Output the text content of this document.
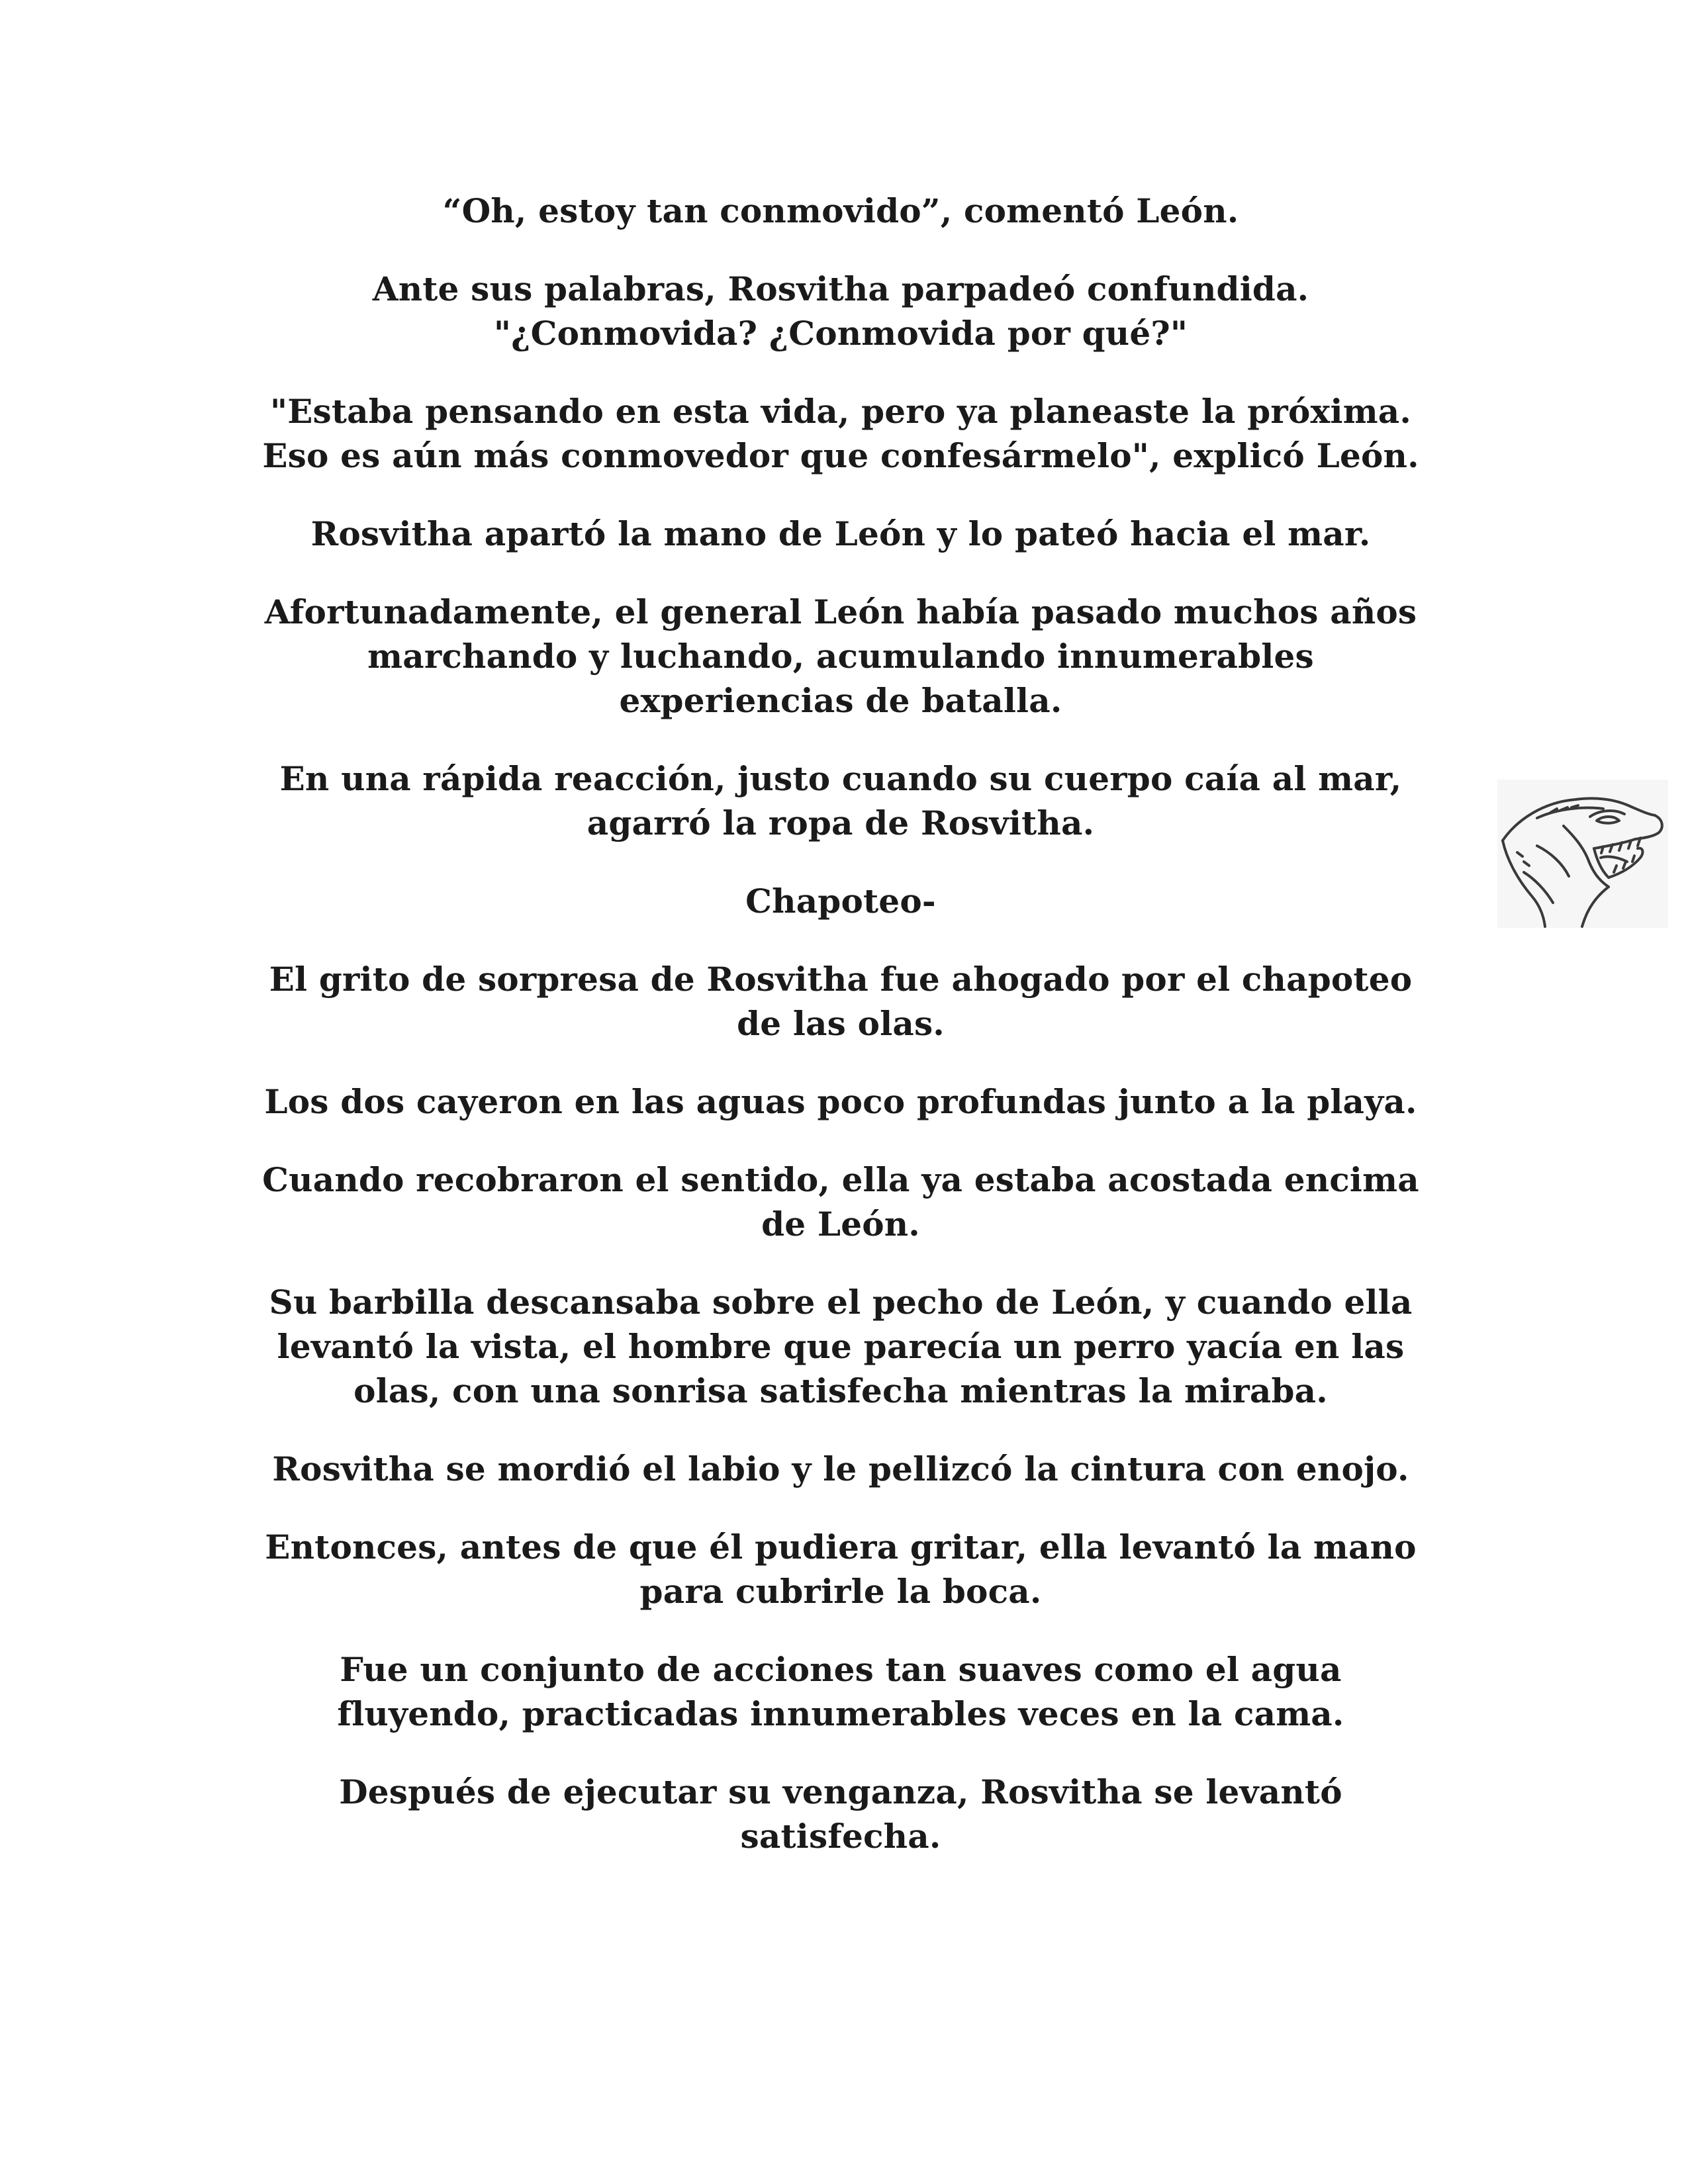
“Oh, estoy tan conmovido”, comentó León.

Ante sus palabras, Rosvitha parpadeó confundida.
"¿Conmovida? ¿Conmovida por qué?"

"Estaba pensando en esta vida, pero ya planeaste la próxima.
Eso es aún más conmovedor que confesármelo", explicó León.

Rosvitha apartó la mano de León y lo pateó hacia el mar.

Afortunadamente, el general León había pasado muchos años
marchando y luchando, acumulando innumerables
experiencias de batalla.

En una rápida reacción, justo cuando su cuerpo caía al mar,
agarró la ropa de Rosvitha.

Chapoteo-

El grito de sorpresa de Rosvitha fue ahogado por el chapoteo
de las olas.

Los dos cayeron en las aguas poco profundas junto a la playa.

Cuando recobraron el sentido, ella ya estaba acostada encima
de León.

Su barbilla descansaba sobre el pecho de León, y cuando ella
levantó la vista, el hombre que parecía un perro yacía en las
olas, con una sonrisa satisfecha mientras la miraba.

Rosvitha se mordió el labio y le pellizcó la cintura con enojo.

Entonces, antes de que él pudiera gritar, ella levantó la mano
para cubrirle la boca.

Fue un conjunto de acciones tan suaves como el agua
fluyendo, practicadas innumerables veces en la cama.

Después de ejecutar su venganza, Rosvitha se levantó
satisfecha.
